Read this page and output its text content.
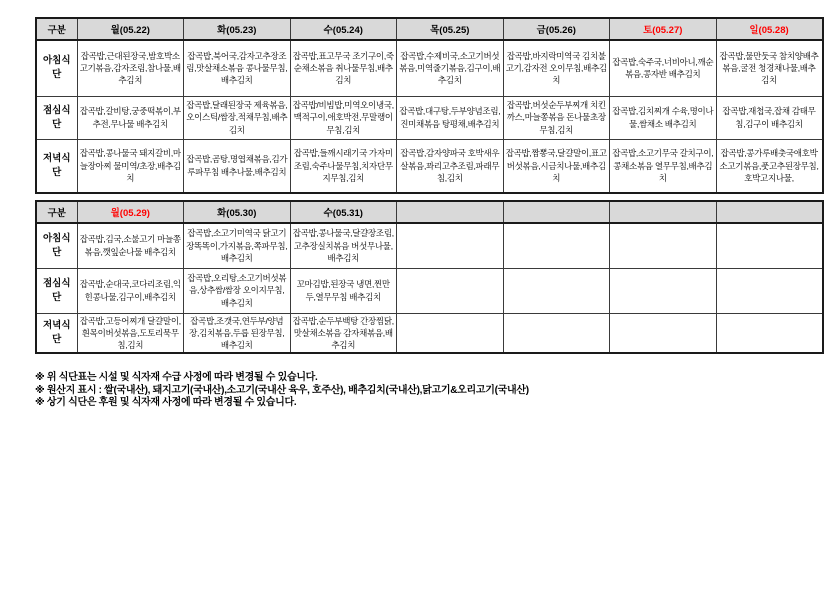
구분	월(05.22)	화(05.23)	수(05.24)	목(05.25)	금(05.26)	토(05.27)	일(05.28)
아침식단	잡곡밥,근대된장국,밤호박소고기볶음,감자조림,참나물,배추김치	잡곡밥,북어국,감자고추장조림,맛살채소볶음 콩나물무침,배추김치	잡곡밥,표고무국 조기구이,죽순채소볶음 취나물무침,배추김치	잡곡밥,수제비국,소고기버섯볶음,미역줄기볶음,김구이,배추김치	잡곡밥,바지락미역국 김치불고기,감자전 오이무침,배추김치	잡곡밥,숙주국,너비아니,깨순볶음,콩자반 배추김치	잡곡밥,물만둣국 참치양배추볶음,굴전 청경채나물,배추김치
점심식단	잡곡밥,갈비탕,궁중떡볶이,부추전,무나물 배추김치	잡곡밥,달래된장국 제육볶음,오이스틱/쌈장,적채무침,배추김치	잡곡밥/비빔밥,미역오이냉국,맥적구이,애호박전,무말랭이무침,김치	잡곡밥,대구탕,두부양념조림,진미채볶음 탕평채,배추김치	잡곡밥,버섯순두부찌개 치킨까스,마늘쫑볶음 돈나물초장무침,김치	잡곡밥,김치찌개 수육,명이나물,쌈채소 배추김치	잡곡밥,재첩국,잡채 감태무침,김구이 배추김치
저녁식단	잡곡밥,콩나물국 돼지갈비,마늘장아찌 물미역/초장,배추김치	잡곡밥,곰탕,명엽채볶음,김가루파무침 배추나물,배추김치	잡곡밥,들깨시래기국 가자미조림,숙주나물무침,치자단무지무침,김치	잡곡밥,감자양파국 호박새우살볶음,꽈리고추조림,파래무침,김치	잡곡밥,짬뽕국,달걀말이,표고버섯볶음,시금치나물,배추김치	잡곡밥,소고기무국 갈치구이,콩채소볶음 열무무침,배추김치	잡곡밥,콩가루배춧국애호박소고기볶음,풋고추된장무침,호박고지나물,
구분	월(05.29)	화(05.30)	수(05.31)				
아침식단	잡곡밥,김국,소불고기 마늘쫑볶음,깻잎순나물 배추김치	잡곡밥,소고기미역국 닭고기장똑똑이,가지볶음,쪽파무침,배추김치	잡곡밥,콩나물국,달걀장조림,고추장실치볶음 버섯무나물,배추김치				
점심식단	잡곡밥,순대국,코다리조림,익힌콩나물,김구이,배추김치	잡곡밥,오리탕,소고기버섯볶음,상추쌈/쌈장 오이지무침,배추김치	꼬마김밥,된장국 냉면,찐만두,열무무침 배추김치				
저녁식단	잡곡밥,고등어찌개 달걀말이,흰목이버섯볶음,도토리묵무침,김치	잡곡밥,조갯국,연두부/양념장,김치볶음,두릅 된장무침,배추김치	잡곡밥,순두부백탕 간장찜닭,맛살채소볶음 감자채볶음,배추김치				

※ 위 식단표는 시설 및 식자재 수급 사정에 따라 변경될 수 있습니다.

※ 원산지 표시 : 쌀(국내산), 돼지고기(국내산),소고기(국내산 육우, 호주산), 배추김치(국내산),닭고기&오리고기(국내산)

※ 상기 식단은 후원 및 식자재 사정에 따라 변경될 수 있습니다.
